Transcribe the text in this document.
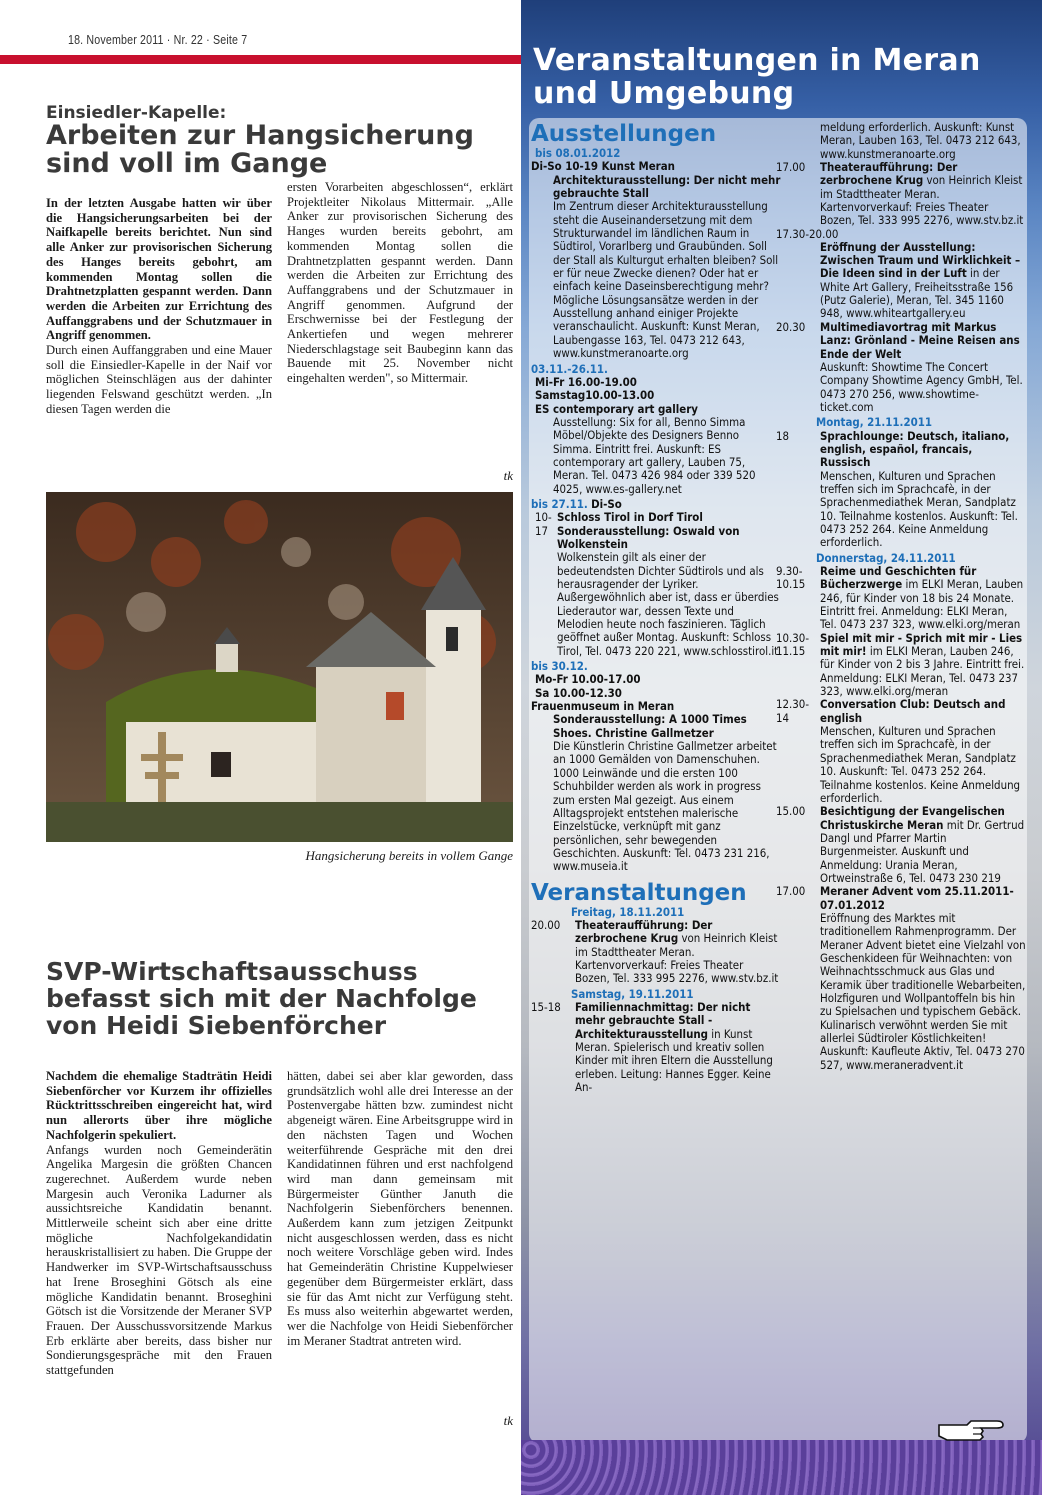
18. November 2011 · Nr. 22 · Seite 7
Einsiedler-Kapelle:
Arbeiten zur Hangsicherung
sind voll im Gange

In der letzten Ausgabe hatten wir über die Hangsicherungsarbeiten bei der Naifkapelle bereits berichtet. Nun sind alle Anker zur provisorischen Sicherung des Hanges bereits gebohrt, am kommenden Montag sollen die Drahtnetzplatten gespannt werden. Dann werden die Arbeiten zur Errichtung des Auffanggrabens und der Schutzmauer in Angriff genommen.

Durch einen Auffanggraben und eine Mauer soll die Einsiedler-Kapelle in der Naif vor möglichen Steinschlägen aus der dahinter liegenden Felswand geschützt werden. „In diesen Tagen werden die

ersten Vorarbeiten abgeschlossen“, erklärt Projektleiter Nikolaus Mittermair. „Alle Anker zur provisorischen Sicherung des Hanges wurden bereits gebohrt, am kommenden Montag sollen die Drahtnetzplatten gespannt werden. Dann werden die Arbeiten zur Errichtung des Auffanggrabens und der Schutzmauer in Angriff genommen. Aufgrund der Erschwernisse bei der Festlegung der Ankertiefen und wegen mehrerer Niederschlagstage seit Baubeginn kann das Bauende mit 25. November nicht eingehalten werden", so Mittermair.

tk
Hangsicherung bereits in vollem Gange
SVP-Wirtschaftsausschuss
befasst sich mit der Nachfolge
von Heidi Siebenförcher

Nachdem die ehemalige Stadträtin Heidi Siebenförcher vor Kurzem ihr offizielles Rücktrittsschreiben eingereicht hat, wird nun allerorts über ihre mögliche Nachfolgerin spekuliert.

Anfangs wurden noch Gemeinderätin Angelika Margesin die größten Chancen zugerechnet. Außerdem wurde neben Margesin auch Veronika Ladurner als aussichtsreiche Kandidatin benannt. Mittlerweile scheint sich aber eine dritte mögliche Nachfolgekandidatin herauskristallisiert zu haben. Die Gruppe der Handwerker im SVP-Wirtschaftsausschuss hat Irene Broseghini Götsch als eine mögliche Kandidatin benannt. Broseghini Götsch ist die Vorsitzende der Meraner SVP Frauen. Der Ausschussvorsitzende Markus Erb erklärte aber bereits, dass bisher nur Sondierungsgespräche mit den Frauen stattgefunden

hätten, dabei sei aber klar geworden, dass grundsätzlich wohl alle drei Interesse an der Postenvergabe hätten bzw. zumindest nicht abgeneigt wären. Eine Arbeitsgruppe wird in den nächsten Tagen und Wochen weiterführende Gespräche mit den drei Kandidatinnen führen und erst nachfolgend wird man dann gemeinsam mit Bürgermeister Günther Januth die Nachfolgerin Siebenförchers benennen. Außerdem kann zum jetzigen Zeitpunkt nicht ausgeschlossen werden, dass es nicht noch weitere Vorschläge geben wird. Indes hat Gemeinderätin Christine Kuppelwieser gegenüber dem Bürgermeister erklärt, dass sie für das Amt nicht zur Verfügung steht. Es muss also weiterhin abgewartet werden, wer die Nachfolge von Heidi Siebenförcher im Meraner Stadtrat antreten wird.

tk
Veranstaltungen in Meran
und Umgebung
Ausstellungen
bis 08.01.2012
Di-So 10-19 Kunst Meran
Architekturausstellung: Der nicht mehr gebrauchte Stall
Im Zentrum dieser Architekturausstellung steht die Auseinandersetzung mit dem Strukturwandel im ländlichen Raum in Südtirol, Vorarlberg und Graubünden. Soll der Stall als Kulturgut erhalten bleiben? Soll er für neue Zwecke dienen? Oder hat er einfach keine Daseinsberechtigung mehr? Mögliche Lösungsansätze werden in der Ausstellung anhand einiger Projekte veranschaulicht. Auskunft: Kunst Meran, Laubengasse 163, Tel. 0473 212 643, www.kunstmeranoarte.org
03.11.-26.11.
Mi-Fr 16.00-19.00
Samstag10.00-13.00
ES contemporary art gallery
Ausstellung: Six for all, Benno Simma Möbel/Objekte des Designers Benno Simma. Eintritt frei. Auskunft: ES contemporary art gallery, Lauben 75, Meran. Tel. 0473 426 984 oder 339 520 4025, www.es-gallery.net
bis 27.11. Di-So
10-17
Schloss Tirol in Dorf Tirol Sonderausstellung: Oswald von Wolkenstein
Wolkenstein gilt als einer der bedeutendsten Dichter Südtirols und als herausragender der Lyriker. Außergewöhnlich aber ist, dass er überdies Liederautor war, dessen Texte und Melodien heute noch faszinieren. Täglich geöffnet außer Montag. Auskunft: Schloss Tirol, Tel. 0473 220 221, www.schlosstirol.it
bis 30.12.
Mo-Fr 10.00-17.00
Sa 10.00-12.30
Frauenmuseum in Meran
Sonderausstellung: A 1000 Times Shoes. Christine Gallmetzer
Die Künstlerin Christine Gallmetzer arbeitet an 1000 Gemälden von Damenschuhen. 1000 Leinwände und die ersten 100 Schuhbilder werden als work in progress zum ersten Mal gezeigt. Aus einem Alltagsprojekt entstehen malerische Einzelstücke, verknüpft mit ganz persönlichen, sehr bewegenden Geschichten. Auskunft: Tel. 0473 231 216, www.museia.it
Veranstaltungen
Freitag, 18.11.2011
20.00	Theateraufführung: Der zerbrochene Krug von Heinrich Kleist im Stadttheater Meran. Kartenvorverkauf: Freies Theater Bozen, Tel. 333 995 2276, www.stv.bz.it
Samstag, 19.11.2011
15-18	Familiennachmittag: Der nicht mehr gebrauchte Stall - Architekturausstellung in Kunst Meran. Spielerisch und kreativ sollen Kinder mit ihren Eltern die Ausstellung erleben. Leitung: Hannes Egger. Keine An-
meldung erforderlich. Auskunft: Kunst Meran, Lauben 163, Tel. 0473 212 643, www.kunstmeranoarte.org
17.00	Theateraufführung: Der zerbrochene Krug von Heinrich Kleist im Stadttheater Meran. Kartenvorverkauf: Freies Theater Bozen, Tel. 333 995 2276, www.stv.bz.it
17.30-20.00
Eröffnung der Ausstellung: Zwischen Traum und Wirklichkeit – Die Ideen sind in der Luft in der White Art Gallery, Freiheitsstraße 156 (Putz Galerie), Meran, Tel. 345 1160 948, www.whiteartgallery.eu
20.30	Multimediavortrag mit Markus Lanz: Grönland - Meine Reisen ans Ende der Welt
Auskunft: Showtime The Concert Company Showtime Agency GmbH, Tel. 0473 270 256, www.showtime-ticket.com
Montag, 21.11.2011
18	Sprachlounge: Deutsch, italiano, english, español, francais, Russisch
Menschen, Kulturen und Sprachen treffen sich im Sprachcafè, in der Sprachenmediathek Meran, Sandplatz 10. Teilnahme kostenlos. Auskunft: Tel. 0473 252 264. Keine Anmeldung erforderlich.
Donnerstag, 24.11.2011
9.30-10.15
Reime und Geschichten für Bücherzwerge im ELKI Meran, Lauben 246, für Kinder von 18 bis 24 Monate. Eintritt frei. Anmeldung: ELKI Meran, Tel. 0473 237 323, www.elki.org/meran
10.30-11.15
Spiel mit mir - Sprich mit mir - Lies mit mir! im ELKI Meran, Lauben 246, für Kinder von 2 bis 3 Jahre. Eintritt frei. Anmeldung: ELKI Meran, Tel. 0473 237 323, www.elki.org/meran
12.30-14
Conversation Club: Deutsch and english
Menschen, Kulturen und Sprachen treffen sich im Sprachcafè, in der Sprachenmediathek Meran, Sandplatz 10. Auskunft: Tel. 0473 252 264. Teilnahme kostenlos. Keine Anmeldung erforderlich.
15.00	Besichtigung der Evangelischen Christuskirche Meran mit Dr. Gertrud Dangl und Pfarrer Martin Burgenmeister. Auskunft und Anmeldung: Urania Meran, Ortweinstraße 6, Tel. 0473 230 219
17.00	Meraner Advent vom 25.11.2011-07.01.2012
Eröffnung des Marktes mit traditionellem Rahmenprogramm. Der Meraner Advent bietet eine Vielzahl von Geschenkideen für Weihnachten: von Weihnachtsschmuck aus Glas und Keramik über traditionelle Webarbeiten, Holzfiguren und Wollpantoffeln bis hin zu Spielsachen und typischem Gebäck. Kulinarisch verwöhnt werden Sie mit allerlei Südtiroler Köstlichkeiten! Auskunft: Kaufleute Aktiv, Tel. 0473 270 527, www.meraneradvent.it
